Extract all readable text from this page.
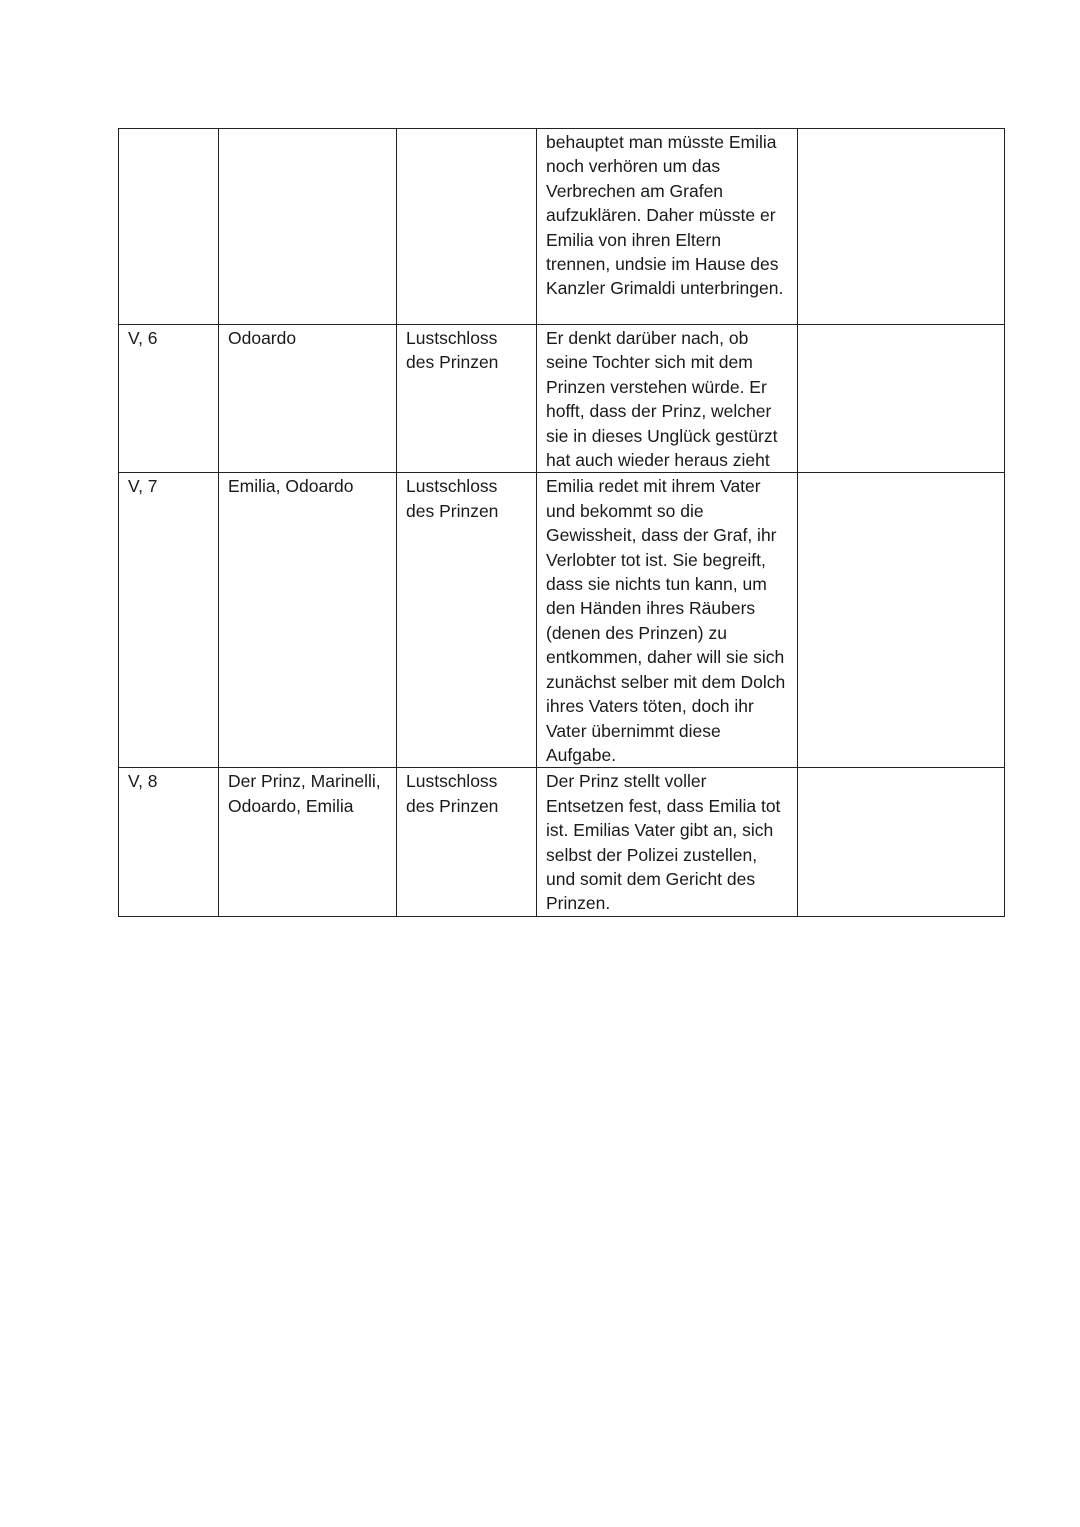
			behauptet man müsste Emilia noch verhören um das Verbrechen am Grafen aufzuklären. Daher müsste er Emilia von ihren Eltern trennen, undsie im Hause des Kanzler Grimaldi unterbringen.	

V, 6	Odoardo	Lustschloss des Prinzen	Er denkt darüber nach, ob seine Tochter sich mit dem Prinzen verstehen würde. Er hofft, dass der Prinz, welcher sie in dieses Unglück gestürzt hat auch wieder heraus zieht	

V, 7	Emilia, Odoardo	Lustschloss des Prinzen	Emilia redet mit ihrem Vater und bekommt so die Gewissheit, dass der Graf, ihr Verlobter tot ist. Sie begreift, dass sie nichts tun kann, um den Händen ihres Räubers (denen des Prinzen) zu entkommen, daher will sie sich zunächst selber mit dem Dolch ihres Vaters töten, doch ihr Vater übernimmt diese Aufgabe.	

V, 8	Der Prinz, Marinelli, Odoardo, Emilia	Lustschloss des Prinzen	Der Prinz stellt voller Entsetzen fest, dass Emilia tot ist. Emilias Vater gibt an, sich selbst der Polizei zustellen, und somit dem Gericht des Prinzen.	
